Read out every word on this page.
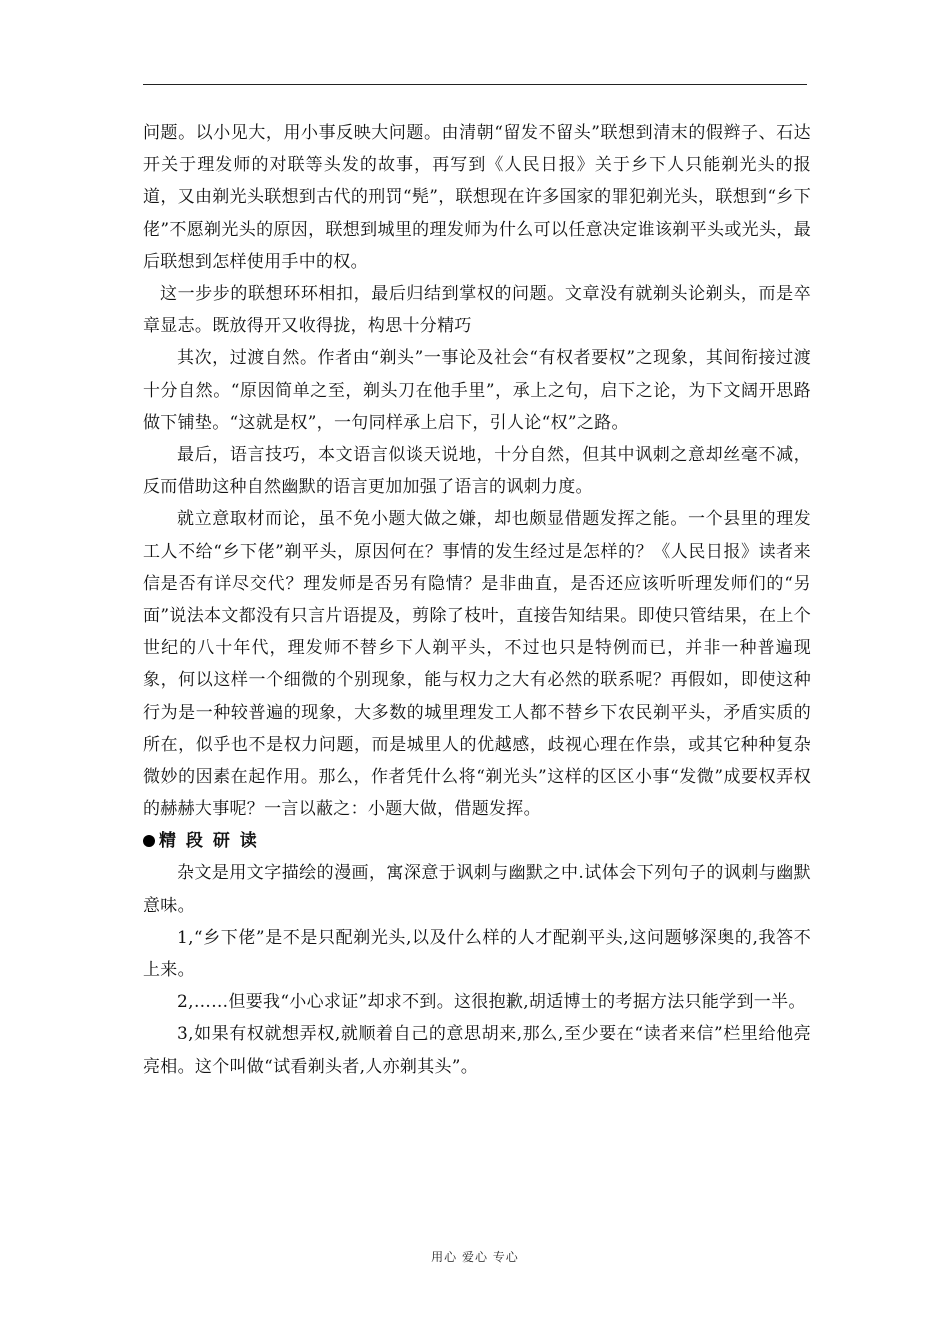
问题。以小见大，用小事反映大问题。由清朝“留发不留头”联想到清末的假辫子、石达开关于理发师的对联等头发的故事，再写到《人民日报》关于乡下人只能剃光头的报道，又由剃光头联想到古代的刑罚“髡”，联想现在许多国家的罪犯剃光头，联想到“乡下佬”不愿剃光头的原因，联想到城里的理发师为什么可以任意决定谁该剃平头或光头，最后联想到怎样使用手中的权。

这一步步的联想环环相扣，最后归结到掌权的问题。文章没有就剃头论剃头，而是卒章显志。既放得开又收得拢，构思十分精巧

其次，过渡自然。作者由“剃头”一事论及社会“有权者要权”之现象，其间衔接过渡十分自然。“原因简单之至，剃头刀在他手里”，承上之句，启下之论，为下文阔开思路做下铺垫。“这就是权”，一句同样承上启下，引人论“权”之路。

最后，语言技巧，本文语言似谈天说地，十分自然，但其中讽刺之意却丝毫不减，反而借助这种自然幽默的语言更加加强了语言的讽刺力度。

就立意取材而论，虽不免小题大做之嫌，却也颇显借题发挥之能。一个县里的理发工人不给“乡下佬”剃平头，原因何在？事情的发生经过是怎样的？《人民日报》读者来信是否有详尽交代？理发师是否另有隐情？是非曲直，是否还应该听听理发师们的“另面”说法本文都没有只言片语提及，剪除了枝叶，直接告知结果。即使只管结果，在上个世纪的八十年代，理发师不替乡下人剃平头，不过也只是特例而已，并非一种普遍现象，何以这样一个细微的个别现象，能与权力之大有必然的联系呢？再假如，即使这种行为是一种较普遍的现象，大多数的城里理发工人都不替乡下农民剃平头，矛盾实质的所在，似乎也不是权力问题，而是城里人的优越感，歧视心理在作祟，或其它种种复杂微妙的因素在起作用。那么，作者凭什么将“剃光头”这样的区区小事“发微”成要权弄权的赫赫大事呢？一言以蔽之：小题大做，借题发挥。

精 段 研 读

杂文是用文字描绘的漫画，寓深意于讽刺与幽默之中.试体会下列句子的讽刺与幽默意味。

1,“乡下佬”是不是只配剃光头,以及什么样的人才配剃平头,这问题够深奥的,我答不上来。

2,……但要我“小心求证”却求不到。这很抱歉,胡适博士的考据方法只能学到一半。

3,如果有权就想弄权,就顺着自己的意思胡来,那么,至少要在“读者来信”栏里给他亮亮相。这个叫做“试看剃头者,人亦剃其头”。

用心 爱心 专心
